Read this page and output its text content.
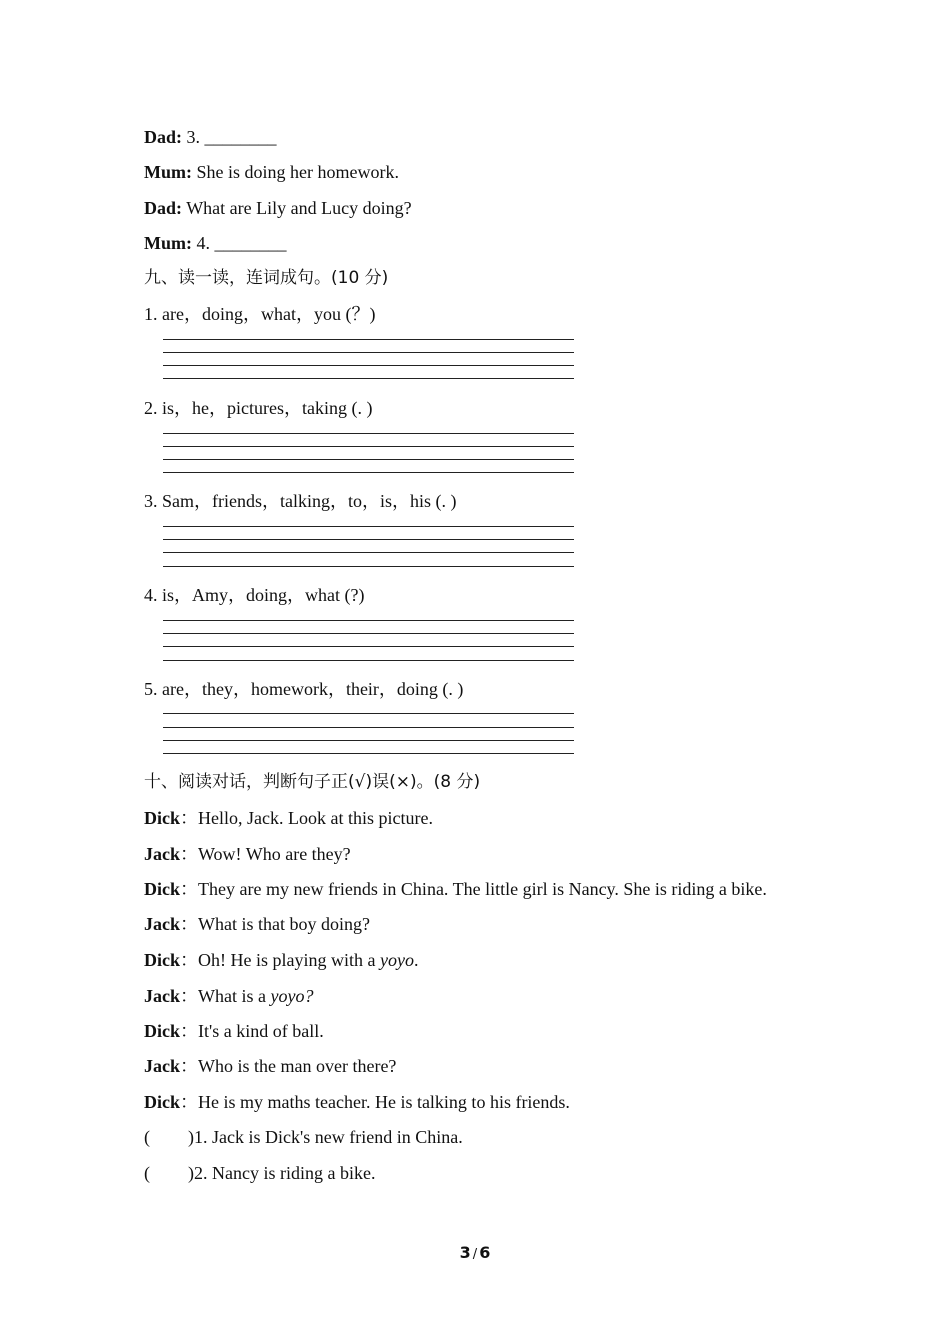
Dad: 3. ________
Mum: She is doing her homework.
Dad: What are Lily and Lucy doing?
Mum: 4. ________
九、读一读，连词成句。(10 分)
1. are，doing，what，you (？)
2. is，he，pictures，taking (. )
3. Sam，friends，talking，to，is，his (. )
4. is，Amy，doing，what (?)
5. are，they，homework，their，doing (. )
十、阅读对话，判断句子正(√)误(×)。(8 分)
Dick：Hello, Jack. Look at this picture.
Jack：Wow! Who are they?
Dick：They are my new friends in China. The little girl is Nancy. She is riding a bike.
Jack：What is that boy doing?
Dick：Oh! He is playing with a yoyo.
Jack：What is a yoyo?
Dick：It's a kind of ball.
Jack：Who is the man over there?
Dick：He is my maths teacher. He is talking to his friends.
( )1. Jack is Dick's new friend in China.
( )2. Nancy is riding a bike.
3 / 6
